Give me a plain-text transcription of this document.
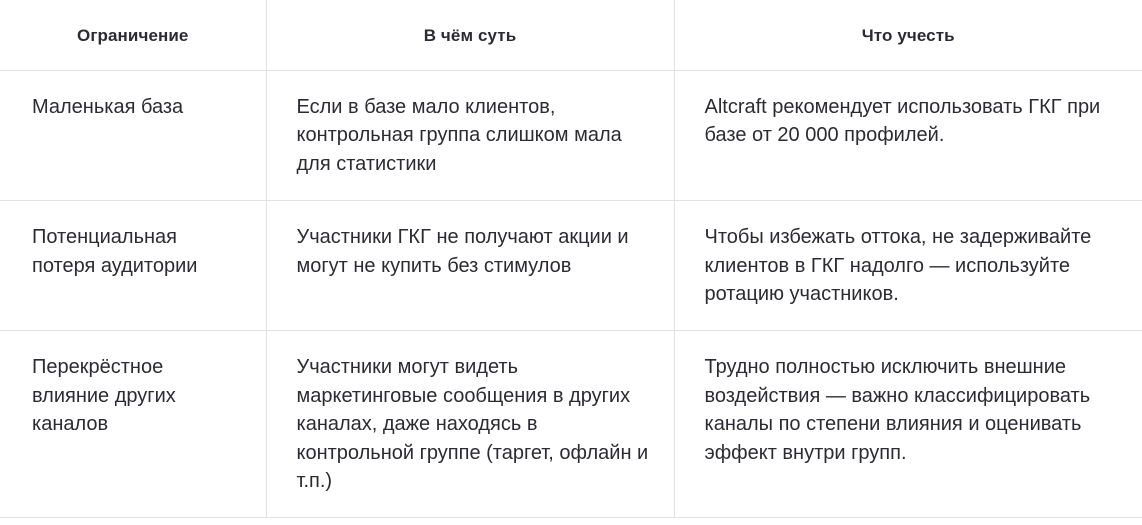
Ограничение	В чём суть	Что учесть

Маленькая база	Если в базе мало клиентов, контрольная группа слишком мала для статистики	Altcraft рекомендует использовать ГКГ при базе от 20 000 профилей.

Потенциальная потеря аудитории	Участники ГКГ не получают акции и могут не купить без стимулов	Чтобы избежать оттока, не задерживайте клиентов в ГКГ надолго — используйте ротацию участников.

Перекрёстное влияние других каналов	Участники могут видеть маркетинговые сообщения в других каналах, даже находясь в контрольной группе (таргет, офлайн и т.п.)	Трудно полностью исключить внешние воздействия — важно классифицировать каналы по степени влияния и оценивать эффект внутри групп.
